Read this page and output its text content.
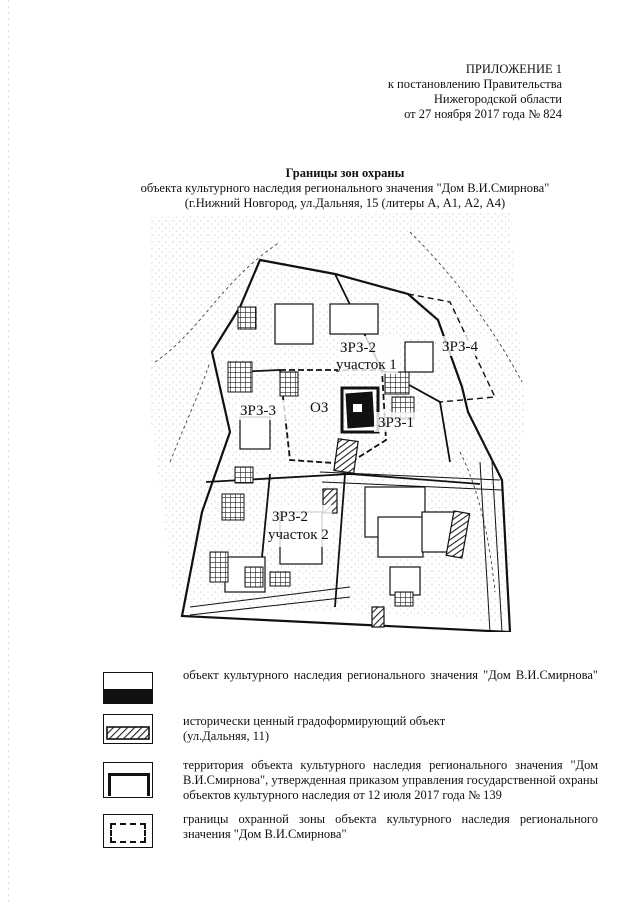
ПРИЛОЖЕНИЕ 1
к постановлению Правительства
Нижегородской области
от 27 ноября 2017 года № 824
Границы зон охраны
объекта культурного наследия регионального значения "Дом В.И.Смирнова"
(г.Нижний Новгород, ул.Дальняя, 15 (литеры А, А1, А2, А4)
ЗРЗ-2
участок 1
ЗРЗ-4
ЗРЗ-3 ОЗ
ЗРЗ-1
ЗРЗ-2
участок 2
объект культурного наследия регионального значения "Дом В.И.Смирнова"
исторически ценный градоформирующий объект
(ул.Дальняя, 11)
территория объекта культурного наследия регионального значения "Дом В.И.Смирнова", утвержденная приказом управления государственной охраны объектов культурного наследия от 12 июля 2017 года № 139
границы охранной зоны объекта культурного наследия регионального значения "Дом В.И.Смирнова"
